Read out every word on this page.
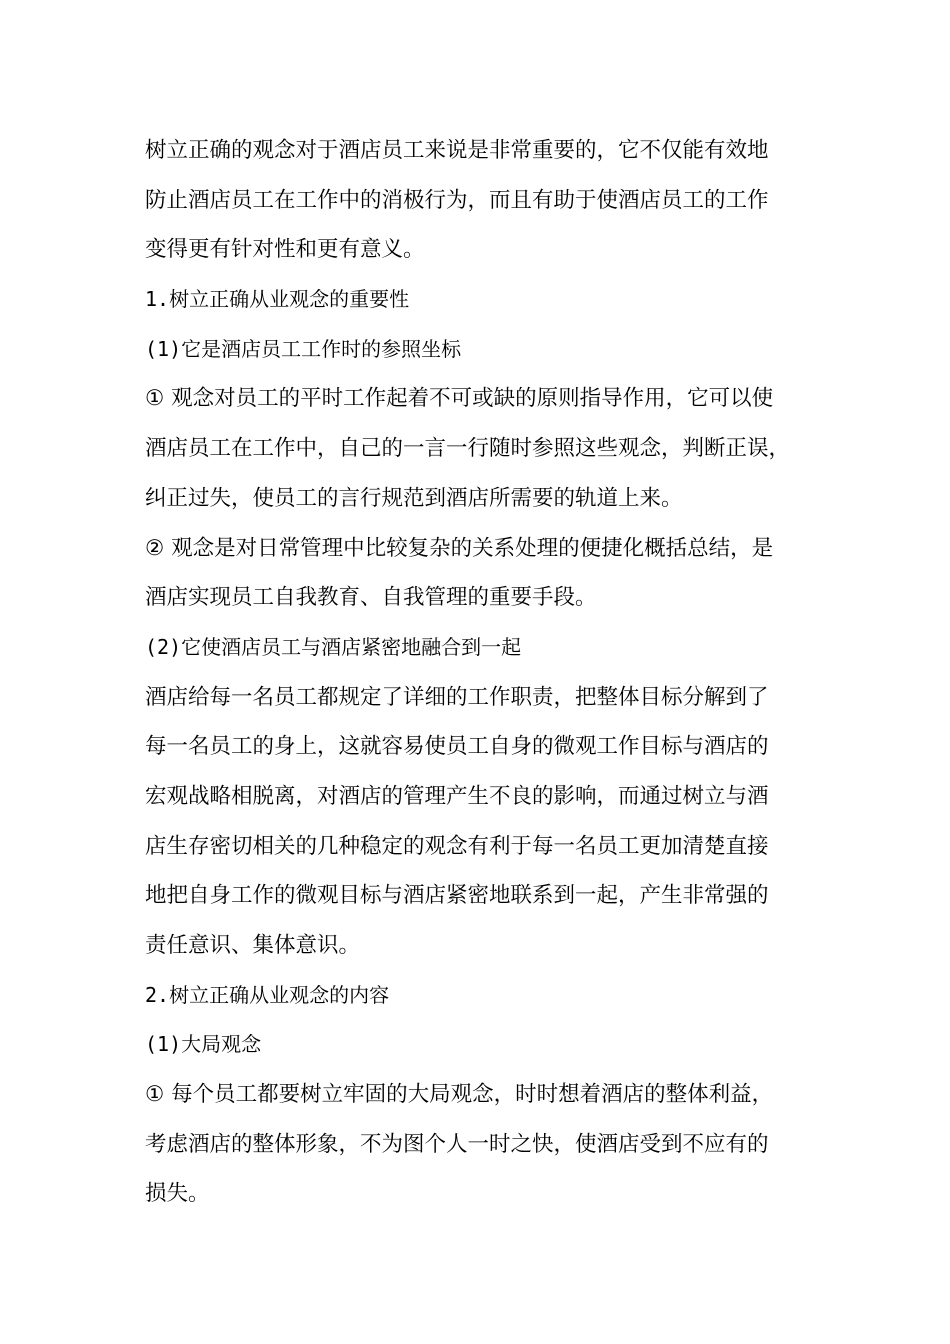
树立正确的观念对于酒店员工来说是非常重要的，它不仅能有效地
防止酒店员工在工作中的消极行为，而且有助于使酒店员工的工作
变得更有针对性和更有意义。
1.树立正确从业观念的重要性
(1)它是酒店员工工作时的参照坐标
① 观念对员工的平时工作起着不可或缺的原则指导作用，它可以使
酒店员工在工作中，自己的一言一行随时参照这些观念，判断正误，
纠正过失，使员工的言行规范到酒店所需要的轨道上来。
② 观念是对日常管理中比较复杂的关系处理的便捷化概括总结，是
酒店实现员工自我教育、自我管理的重要手段。
(2)它使酒店员工与酒店紧密地融合到一起
酒店给每一名员工都规定了详细的工作职责，把整体目标分解到了
每一名员工的身上，这就容易使员工自身的微观工作目标与酒店的
宏观战略相脱离，对酒店的管理产生不良的影响，而通过树立与酒
店生存密切相关的几种稳定的观念有利于每一名员工更加清楚直接
地把自身工作的微观目标与酒店紧密地联系到一起，产生非常强的
责任意识、集体意识。
2.树立正确从业观念的内容
(1)大局观念
① 每个员工都要树立牢固的大局观念，时时想着酒店的整体利益，
考虑酒店的整体形象，不为图个人一时之快，使酒店受到不应有的
损失。
